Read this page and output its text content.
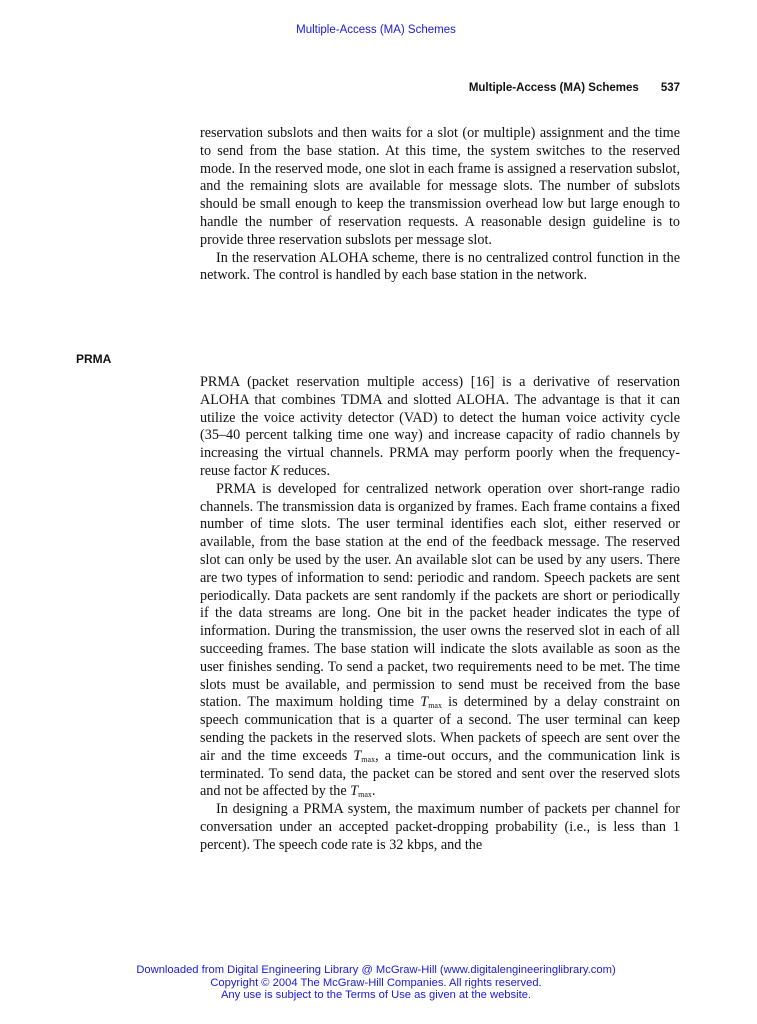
Multiple-Access (MA) Schemes
Multiple-Access (MA) Schemes 537

reservation subslots and then waits for a slot (or multiple) assignment and the time to send from the base station. At this time, the system switches to the reserved mode. In the reserved mode, one slot in each frame is assigned a reservation subslot, and the remaining slots are available for message slots. The number of subslots should be small enough to keep the transmission overhead low but large enough to handle the number of reservation requests. A reasonable design guideline is to provide three reservation subslots per message slot.

In the reservation ALOHA scheme, there is no centralized control function in the network. The control is handled by each base station in the network.

PRMA

PRMA (packet reservation multiple access) [16] is a derivative of reservation ALOHA that combines TDMA and slotted ALOHA. The advantage is that it can utilize the voice activity detector (VAD) to detect the human voice activity cycle (35–40 percent talking time one way) and increase capacity of radio channels by increasing the virtual channels. PRMA may perform poorly when the frequency-reuse factor K reduces.

PRMA is developed for centralized network operation over short-range radio channels. The transmission data is organized by frames. Each frame contains a fixed number of time slots. The user terminal identifies each slot, either reserved or available, from the base station at the end of the feedback message. The reserved slot can only be used by the user. An available slot can be used by any users. There are two types of information to send: periodic and random. Speech packets are sent periodically. Data packets are sent randomly if the packets are short or periodically if the data streams are long. One bit in the packet header indicates the type of information. During the transmission, the user owns the reserved slot in each of all succeeding frames. The base station will indicate the slots available as soon as the user finishes sending. To send a packet, two requirements need to be met. The time slots must be available, and permission to send must be received from the base station. The maximum holding time $T_{max}$ is determined by a delay constraint on speech communication that is a quarter of a second. The user terminal can keep sending the packets in the reserved slots. When packets of speech are sent over the air and the time exceeds $T_{max}$, a time-out occurs, and the communication link is terminated. To send data, the packet can be stored and sent over the reserved slots and not be affected by the $T_{max}$.

In designing a PRMA system, the maximum number of packets per channel for conversation under an accepted packet-dropping probability (i.e., is less than 1 percent). The speech code rate is 32 kbps, and the

Downloaded from Digital Engineering Library @ McGraw-Hill (www.digitalengineeringlibrary.com)
Copyright © 2004 The McGraw-Hill Companies. All rights reserved.
Any use is subject to the Terms of Use as given at the website.
